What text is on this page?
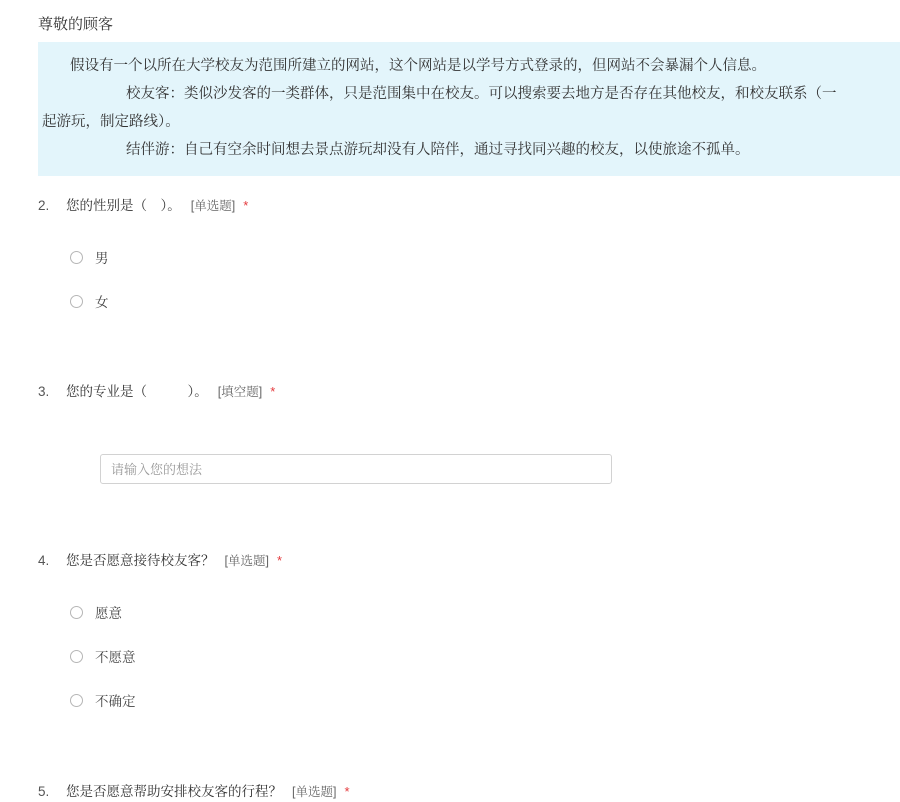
尊敬的顾客
假设有一个以所在大学校友为范围所建立的网站，这个网站是以学号方式登录的，但网站不会暴漏个人信息。
校友客：类似沙发客的一类群体，只是范围集中在校友。可以搜索要去地方是否存在其他校友，和校友联系（一
起游玩，制定路线）。
结伴游：自己有空余时间想去景点游玩却没有人陪伴，通过寻找同兴趣的校友，以使旅途不孤单。
2. 您的性别是（　）。 [单选题] *
男
女
3. 您的专业是（　　　）。 [填空题] *
请输入您的想法
4. 您是否愿意接待校友客？ [单选题] *
愿意
不愿意
不确定
5. 您是否愿意帮助安排校友客的行程？ [单选题] *
